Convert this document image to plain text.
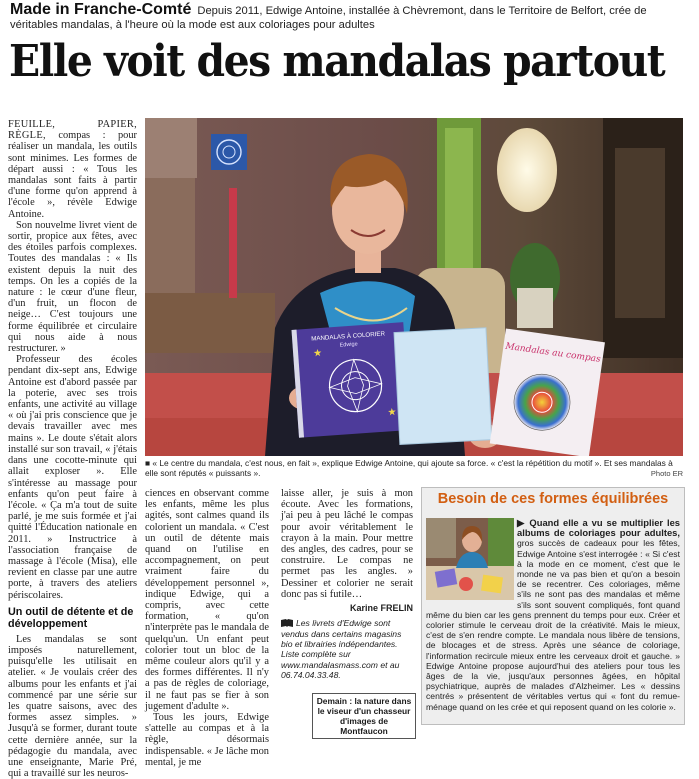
Made in Franche-Comté Depuis 2011, Edwige Antoine, installée à Chèvremont, dans le Territoire de Belfort, crée de véritables mandalas, à l'heure où la mode est aux coloriages pour adultes
Elle voit des mandalas partout

FEUILLE, PAPIER, RÈGLE, compas : pour réaliser un mandala, les outils sont minimes. Les formes de départ aussi : « Tous les mandalas sont faits à partir d'une forme qu'on apprend à l'école », révèle Edwige Antoine.

Son nouvelme livret vient de sortir, propice aux fêtes, avec des étoiles parfois complexes. Toutes des mandalas : « Ils existent depuis la nuit des temps. On les a copiés de la nature : le cœur d'une fleur, d'un fruit, un flocon de neige… C'est toujours une forme équilibrée et circulaire qui nous aide à nous restructurer. »

Professeur des écoles pendant dix-sept ans, Edwige Antoine est d'abord passée par la poterie, avec ses trois enfants, une activité au village « où j'ai pris conscience que je devais travailler avec mes mains ». Le doute s'était alors installé sur son travail, « j'étais dans une cocotte-minute qui allait exploser ». Elle s'intéresse au massage pour enfants qu'on peut faire à l'école. « Ça m'a tout de suite parlé, je me suis formée et j'ai quitté l'Éducation nationale en 2011. » Instructrice à l'association française de massage à l'école (Misa), elle revient en classe par une autre porte, à travers des ateliers périscolaires.

Un outil de détente et de développement

Les mandalas se sont imposés naturellement, puisqu'elle les utilisait en atelier. « Je voulais créer des albums pour les enfants et j'ai commencé par une série sur les quatre saisons, avec des formes assez simples. » Jusqu'à se former, durant toute cette dernière année, sur la pédagogie du mandala, avec une enseignante, Marie Pré, qui a travaillé sur les neuros-

MANDALAS À COLORIER
Edwige
★
★
Mandalas au compas
■ « Le centre du mandala, c'est nous, en fait », explique Edwige Antoine, qui ajoute sa force. « c'est la répétition du motif ». Et ses mandalas à elle sont réputés « puissants ».	Photo ER

ciences en observant comme les enfants, même les plus agités, sont calmes quand ils colorient un mandala. « C'est un outil de détente mais quand on l'utilise en accompagnement, on peut vraiment faire du développement personnel », indique Edwige, qui a compris, avec cette formation, « qu'on n'interprète pas le mandala de quelqu'un. Un enfant peut colorier tout un bloc de la même couleur alors qu'il y a des formes différentes. Il n'y a pas de règles de coloriage, il ne faut pas se fier à son jugement d'adulte ».

Tous les jours, Edwige s'attelle au compas et à la règle, désormais indispensable. « Je lâche mon mental, je me

laisse aller, je suis à mon écoute. Avec les formations, j'ai peu à peu lâché le compas pour avoir véritablement le crayon à la main. Pour mettre des angles, des cadres, pour se construire. Le compas ne permet pas les angles. » Dessiner et colorier ne serait donc pas si futile…

Karine FRELIN
Les livrets d'Edwige sont vendus dans certains magasins bio et librairies indépendantes. Liste complète sur www.mandalasmass.com et au 06.74.04.33.48.
Demain : la nature dans le viseur d'un chasseur d'images de Montfaucon
Besoin de ces formes équilibrées
▶ Quand elle a vu se multiplier les albums de coloriages pour adultes, gros succès de cadeaux pour les fêtes, Edwige Antoine s'est interrogée : « Si c'est à la mode en ce moment, c'est que le monde ne va pas bien et qu'on a besoin de se recentrer. Ces coloriages, même s'ils ne sont pas des mandalas et même s'ils sont souvent compliqués, font quand même du bien car les gens prennent du temps pour eux. Créer et colorier stimule le cerveau droit de la créativité. Mais le mieux, c'est de s'en rendre compte. Le mandala nous libère de tensions, de blocages et de stress. Après une séance de coloriage, l'information recircule mieux entre les cerveaux droit et gauche. » Edwige Antoine propose aujourd'hui des ateliers pour tous les âges de la vie, jusqu'aux personnes âgées, en hôpital psychiatrique, auprès de malades d'Alzheimer. Les « dessins centrés » présentent de véritables vertus qui « font du remue-ménage quand on les crée et qui reposent quand on les colorie ».
